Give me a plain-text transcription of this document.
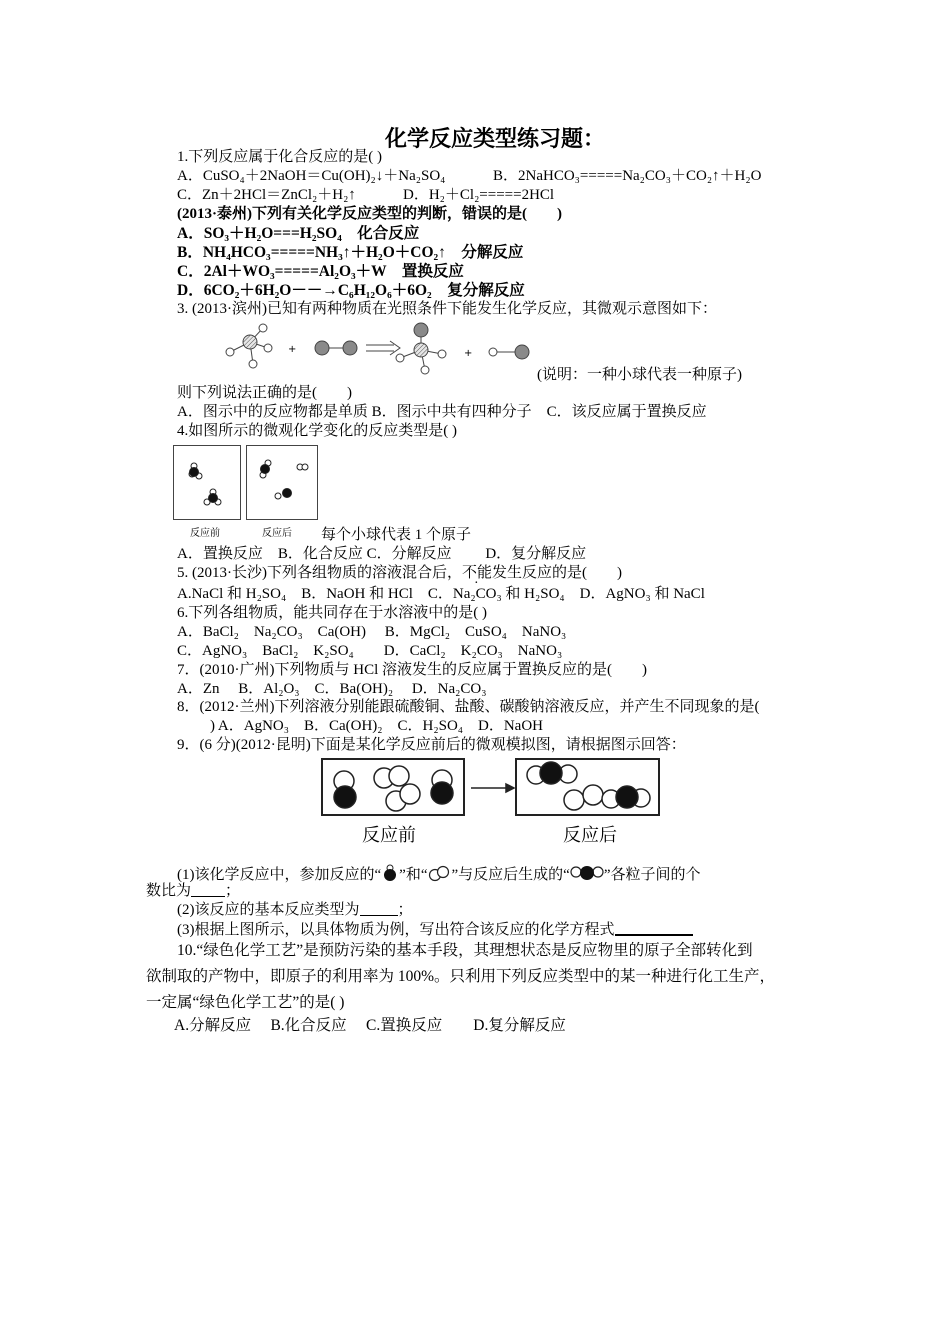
化学反应类型练习题：
1.下列反应属于化合反应的是( )
A．CuSO₄＋2NaOH＝Cu(OH)₂↓＋Na₂SO₄	B．2NaHCO₃=====Na₂CO₃＋CO₂↑＋H₂O
C．Zn＋2HCl＝ZnCl₂＋H₂↑	D．H₂＋Cl₂=====2HCl
(2013·泰州)下列有关化学反应类型的判断，错误的是(　　)
A．SO₃＋H₂O===H₂SO₄　化合反应
B．NH₄HCO₃=====NH₃↑＋H₂O＋CO₂↑　分解反应
C．2Al＋WO₃=====Al₂O₃＋W　置换反应
D．6CO₂＋6H₂O－－→C₆H₁₂O₆＋6O₂　复分解反应
3. (2013·滨州)已知有两种物质在光照条件下能发生化学反应，其微观示意图如下：
+	+
(说明：一种小球代表一种原子)
则下列说法正确的是(　　)
A．图示中的反应物都是单质 B．图示中共有四种分子　C．该反应属于置换反应
4.如图所示的微观化学变化的反应类型是( )
反应前	反应后 每个小球代表 1 个原子
A．置换反应　B．化合反应 C．分解反应　　 D．复分解反应
5. (2013·长沙)下列各组物质的溶液混合后，不能发生反应的是(　　)
A.NaCl 和 H₂SO₄　B．NaOH 和 HCl　C．Na₂CO₃ 和 H₂SO₄　D．AgNO₃ 和 NaCl
6.下列各组物质，能共同存在于水溶液中的是( )
A．BaCl₂　Na₂CO₃　Ca(OH)　 B．MgCl₂　CuSO₄　NaNO₃
C．AgNO₃　BaCl₂　K₂SO₄　　D．CaCl₂　K₂CO₃　NaNO₃
7．(2010·广州)下列物质与 HCl 溶液发生的反应属于置换反应的是(　　)
A．Zn　 B．Al₂O₃　C．Ba(OH)₂　 D．Na₂CO₃
8．(2012·兰州)下列溶液分别能跟硫酸铜、盐酸、碳酸钠溶液反应，并产生不同现象的是(
) A．AgNO₃　B．Ca(OH)₂　C．H₂SO₄　D．NaOH
9．(6 分)(2012·昆明)下面是某化学反应前后的微观模拟图，请根据图示回答：
反应前	反应后
(1)该化学反应中，参加反应的“ ”和“ ”与反应后生成的“ ”各粒子间的个
数比为 ；
(2)该反应的基本反应类型为	；
(3)根据上图所示，以具体物质为例，写出符合该反应的化学方程式
10.“绿色化学工艺”是预防污染的基本手段，其理想状态是反应物里的原子全部转化到
欲制取的产物中，即原子的利用率为 100%。只利用下列反应类型中的某一种进行化工生产，
一定属“绿色化学工艺”的是( )
A.分解反应　 B.化合反应　 C.置换反应　　D.复分解反应
